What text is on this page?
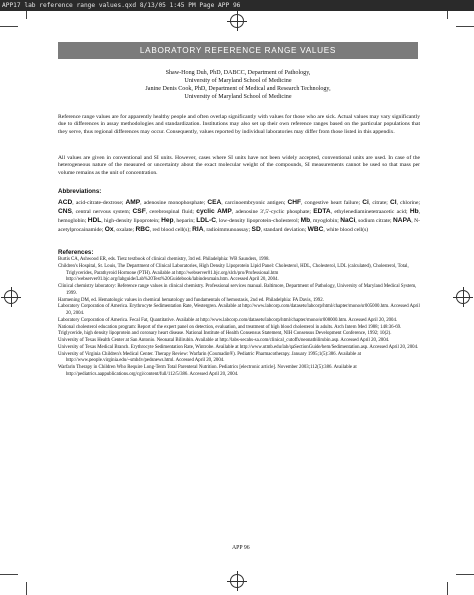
APP17 lab reference range values.qxd 8/13/05 1:45 PM Page APP 96
LABORATORY REFERENCE RANGE VALUES
Shaw-Hong Duh, PhD, DABCC, Department of Pathology,
University of Maryland School of Medicine
Janine Denis Cook, PhD, Department of Medical and Research Technology,
University of Maryland School of Medicine

Reference range values are for apparently healthy people and often overlap significantly with values for those who are sick. Actual values may vary significantly due to differences in assay methodologies and standardization. Institutions may also set up their own reference ranges based on the particular populations that they serve, thus regional differences may occur. Consequently, values reported by individual laboratories may differ from those listed in this appendix.

All values are given in conventional and SI units. However, cases where SI units have not been widely accepted, conventional units are used. In case of the heterogeneous nature of the measured or uncertainty about the exact molecular weight of the compounds, SI measurements cannot be used so that mass per volume remains as the unit of concentration.

Abbreviations:
ACD, acid-citrate-dextrose; AMP, adenosine monophosphate; CEA, carcinoembryonic antigen; CHF, congestive heart failure; Ci, citrate; Cl, chlorine; CNS, central nervous system; CSF, cerebrospinal fluid; cyclic AMP, adenosine 3',5'-cyclic phosphate; EDTA, ethylenediaminetetraacetic acid; Hb, hemoglobin; HDL, high-density lipoprotein; Hep, heparin; LDL-C, low-density lipoprotein-cholesterol; Mb, myoglobin; NaCi, sodium citrate; NAPA, N-acetylprocainamide; Ox, oxalate; RBC, red blood cell(s); RIA, radioimmunoassay; SD, standard deviation; WBC, white blood cell(s)
References:

Burtis CA, Ashwood ER, eds. Tietz textbook of clinical chemistry, 3rd ed. Philadelphia: WB Saunders, 1998.

Children's Hospital, St. Louis, The Department of Clinical Laboratories, High Density Lipoprotein Lipid Panel: Cholesterol, HDL, Cholesterol, LDL (calculated), Cholesterol, Total, Triglycerides, Parathyroid Hormone (PTH). Available at http://webserver01.bjc.org/slch/pro/Professional.htm http://webserver01.bjc.org/labguide/Lab%20Test%20Guidebook/labindexmain.htm. Accessed April 20, 2004.

Clinical chemistry laboratory: Reference range values in clinical chemistry. Professional services manual. Baltimore, Department of Pathology, University of Maryland Medical System, 1999.

Harmening DM, ed. Hematologic values in chemical hematology and fundamentals of hemostasis, 2nd ed. Philadelphia: FA Davis, 1992.

Laboratory Corporation of America. Erythrocyte Sedimentation Rate, Westergren. Available at http://www.labcorp.com/datasets/labcorp/html/chapter/mono/sr005000.htm. Accessed April 20, 2004.

Laboratory Corporation of America. Fecal Fat, Quantitative. Available at http://www.labcorp.com/datasets/labcorp/html/chapter/mono/sr008000.htm. Accessed April 20, 2004.

National cholesterol education program: Report of the expert panel on detection, evaluation, and treatment of high blood cholesterol in adults. Arch Intern Med 1988; 148:36-69.

Triglyceride, high density lipoprotein and coronary heart disease. National Institute of Health Consensus Statement, NIH Consensus Development Conference, 1992; 10(2).

University of Texas Health Center at San Antonio. Neonatal Bilirubin. Available at http://labs-secahs-sa.com/clinical_cutoffs/neonatbilirubin.asp. Accessed April 20, 2004.

University of Texas Medical Branch. Erythrocyte Sedimentation Rate, Wintrobe. Available at http://www.utmb.edu/lab/qaSectionGuide/hem/Sedimentation.asp. Accessed April 20, 2004.

University of Virginia Children's Medical Center. Therapy Review: Warfarin (Coumadin®). Pediatric Pharmacotherapy. January 1995;1(5):386. Available at http://www.people.virginia.edu/~smb4v/pedsnews.html. Accessed April 20, 2004.

Warfarin Therapy in Children Who Require Long-Term Total Parenteral Nutrition. Pediatrics [electronic article]. November 2003;112(5):386. Available at http://pediatrics.aappublications.org/cgi/content/full/112/5/386. Accessed April 20, 2004.

APP 96
